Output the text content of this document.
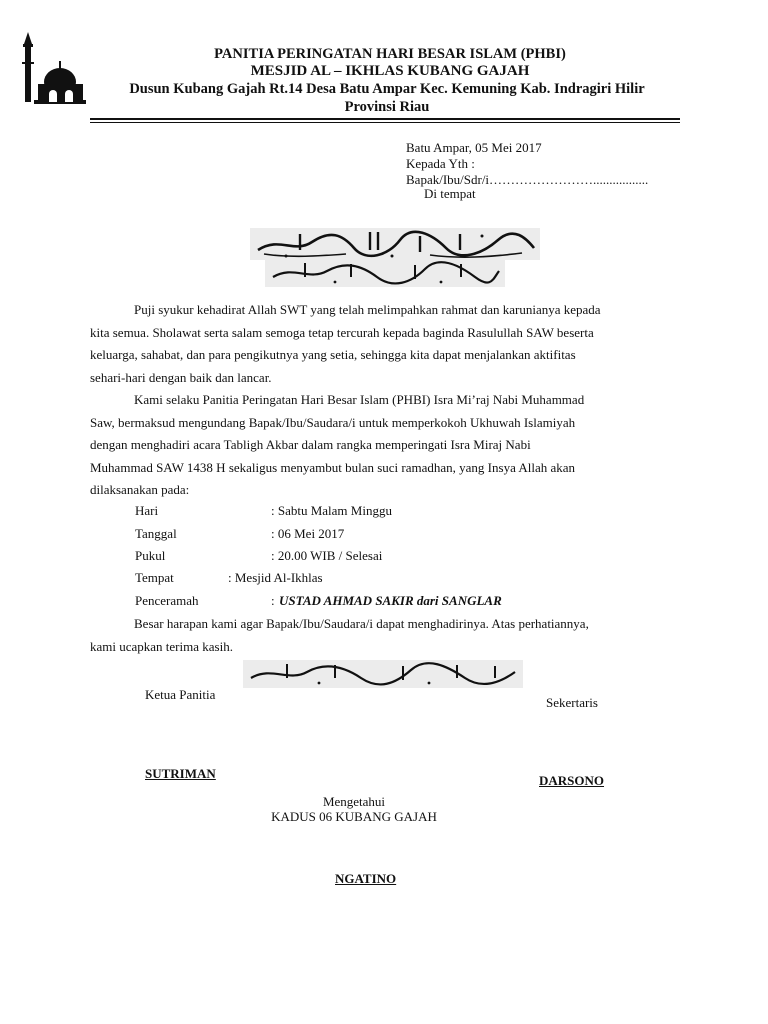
PANITIA PERINGATAN HARI BESAR ISLAM (PHBI)
MESJID AL – IKHLAS KUBANG GAJAH
Dusun Kubang Gajah Rt.14 Desa Batu Ampar Kec. Kemuning Kab. Indragiri Hilir
Provinsi Riau
Batu Ampar, 05 Mei 2017
Kepada Yth :
Bapak/Ibu/Sdr/i…………………….................
Di tempat
Puji syukur kehadirat Allah SWT yang telah melimpahkan rahmat dan karunianya kepada
kita semua. Sholawat serta salam semoga tetap tercurah kepada baginda Rasulullah SAW beserta
keluarga, sahabat, dan para pengikutnya yang setia, sehingga kita dapat menjalankan aktifitas
sehari-hari dengan baik dan lancar.
Kami selaku Panitia Peringatan Hari Besar Islam (PHBI) Isra Mi’raj Nabi Muhammad
Saw, bermaksud mengundang Bapak/Ibu/Saudara/i untuk memperkokoh Ukhuwah Islamiyah
dengan menghadiri acara Tabligh Akbar dalam rangka memperingati Isra Miraj Nabi
Muhammad SAW 1438 H sekaligus menyambut bulan suci ramadhan, yang Insya Allah akan
dilaksanakan pada:
Hari	: Sabtu Malam Minggu
Tanggal	: 06 Mei 2017
Pukul	: 20.00 WIB / Selesai
Tempat	: Mesjid Al-Ikhlas
Penceramah	: USTAD AHMAD SAKIR dari SANGLAR
Besar harapan kami agar Bapak/Ibu/Saudara/i dapat menghadirinya. Atas perhatiannya,
kami ucapkan terima kasih.
Ketua Panitia
Sekertaris
SUTRIMAN	DARSONO
Mengetahui
KADUS 06 KUBANG GAJAH
NGATINO
